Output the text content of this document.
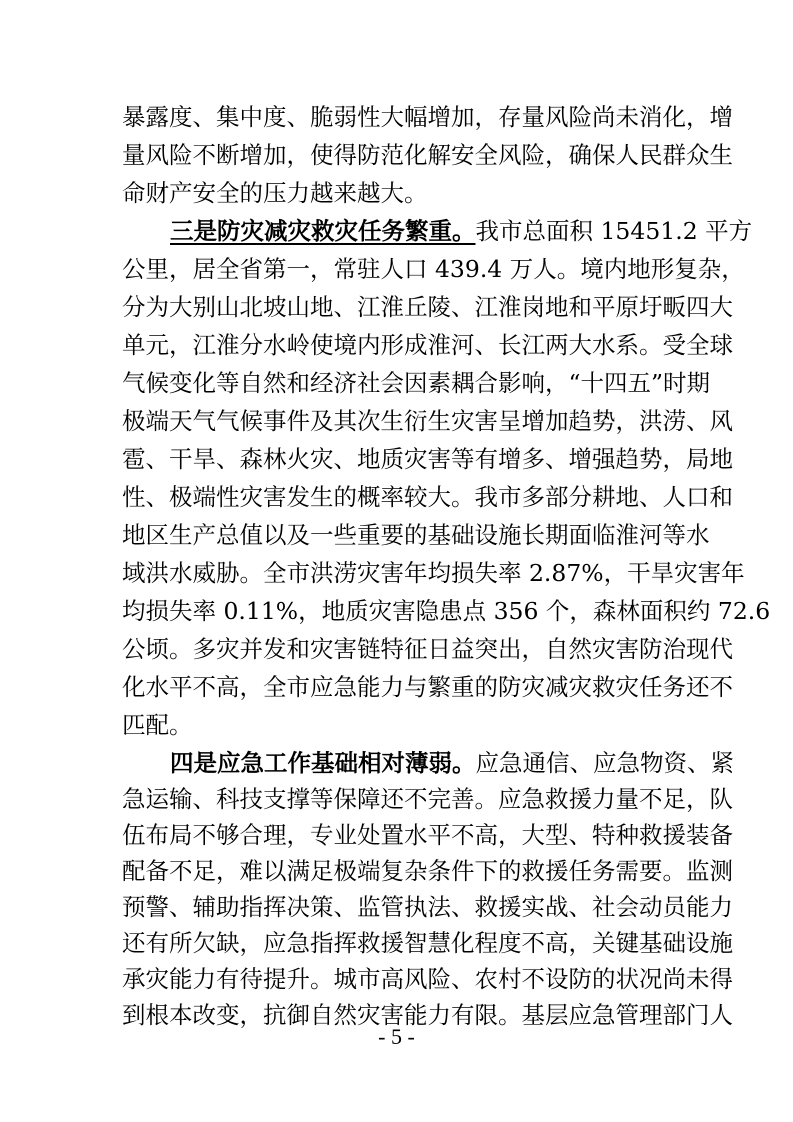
暴露度、集中度、脆弱性大幅增加，存量风险尚未消化，增
量风险不断增加，使得防范化解安全风险，确保人民群众生
命财产安全的压力越来越大。
三是防灾减灾救灾任务繁重。我市总面积 15451.2 平方
公里，居全省第一，常驻人口 439.4 万人。境内地形复杂，
分为大别山北坡山地、江淮丘陵、江淮岗地和平原圩畈四大
单元，江淮分水岭使境内形成淮河、长江两大水系。受全球
气候变化等自然和经济社会因素耦合影响，“十四五”时期
极端天气气候事件及其次生衍生灾害呈增加趋势，洪涝、风
雹、干旱、森林火灾、地质灾害等有增多、增强趋势，局地
性、极端性灾害发生的概率较大。我市多部分耕地、人口和
地区生产总值以及一些重要的基础设施长期面临淮河等水
域洪水威胁。全市洪涝灾害年均损失率 2.87%，干旱灾害年
均损失率 0.11%，地质灾害隐患点 356 个，森林面积约 72.6
公顷。多灾并发和灾害链特征日益突出，自然灾害防治现代
化水平不高，全市应急能力与繁重的防灾减灾救灾任务还不
匹配。
四是应急工作基础相对薄弱。应急通信、应急物资、紧
急运输、科技支撑等保障还不完善。应急救援力量不足，队
伍布局不够合理，专业处置水平不高，大型、特种救援装备
配备不足，难以满足极端复杂条件下的救援任务需要。监测
预警、辅助指挥决策、监管执法、救援实战、社会动员能力
还有所欠缺，应急指挥救援智慧化程度不高，关键基础设施
承灾能力有待提升。城市高风险、农村不设防的状况尚未得
- 5 -
到根本改变，抗御自然灾害能力有限。基层应急管理部门人
